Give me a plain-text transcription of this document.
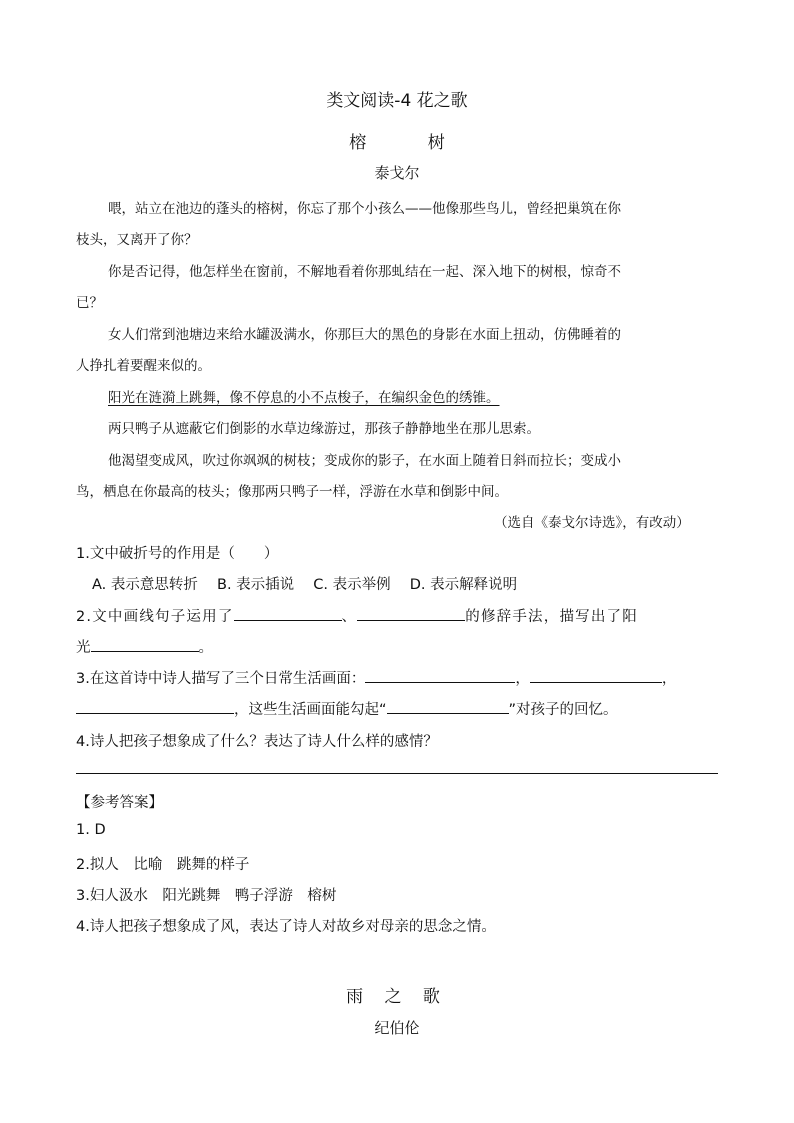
类文阅读-4 花之歌
榕 树
泰戈尔
喂，站立在池边的蓬头的榕树，你忘了那个小孩么——他像那些鸟儿，曾经把巢筑在你
枝头，又离开了你？
你是否记得，他怎样坐在窗前，不解地看着你那虬结在一起、深入地下的树根，惊奇不
已？
女人们常到池塘边来给水罐汲满水，你那巨大的黑色的身影在水面上扭动，仿佛睡着的
人挣扎着要醒来似的。
阳光在涟漪上跳舞，像不停息的小不点梭子，在编织金色的绣锥。
两只鸭子从遮蔽它们倒影的水草边缘游过，那孩子静静地坐在那儿思索。
他渴望变成风，吹过你飒飒的树枝；变成你的影子，在水面上随着日斜而拉长；变成小
鸟，栖息在你最高的枝头；像那两只鸭子一样，浮游在水草和倒影中间。
（选自《泰戈尔诗选》，有改动）
1.文中破折号的作用是（　　）
A. 表示意思转折　 B. 表示插说　 C. 表示举例　 D. 表示解释说明
2.文中画线句子运用了	、	的修辞手法，描写出了阳
光	。
3.在这首诗中诗人描写了三个日常生活画面：	，	，
，这些生活画面能勾起“	”对孩子的回忆。
4.诗人把孩子想象成了什么？表达了诗人什么样的感情？
【参考答案】
1. D
2.拟人　比喻　跳舞的样子
3.妇人汲水　阳光跳舞　鸭子浮游　榕树
4.诗人把孩子想象成了风，表达了诗人对故乡对母亲的思念之情。
雨 之 歌
纪伯伦
